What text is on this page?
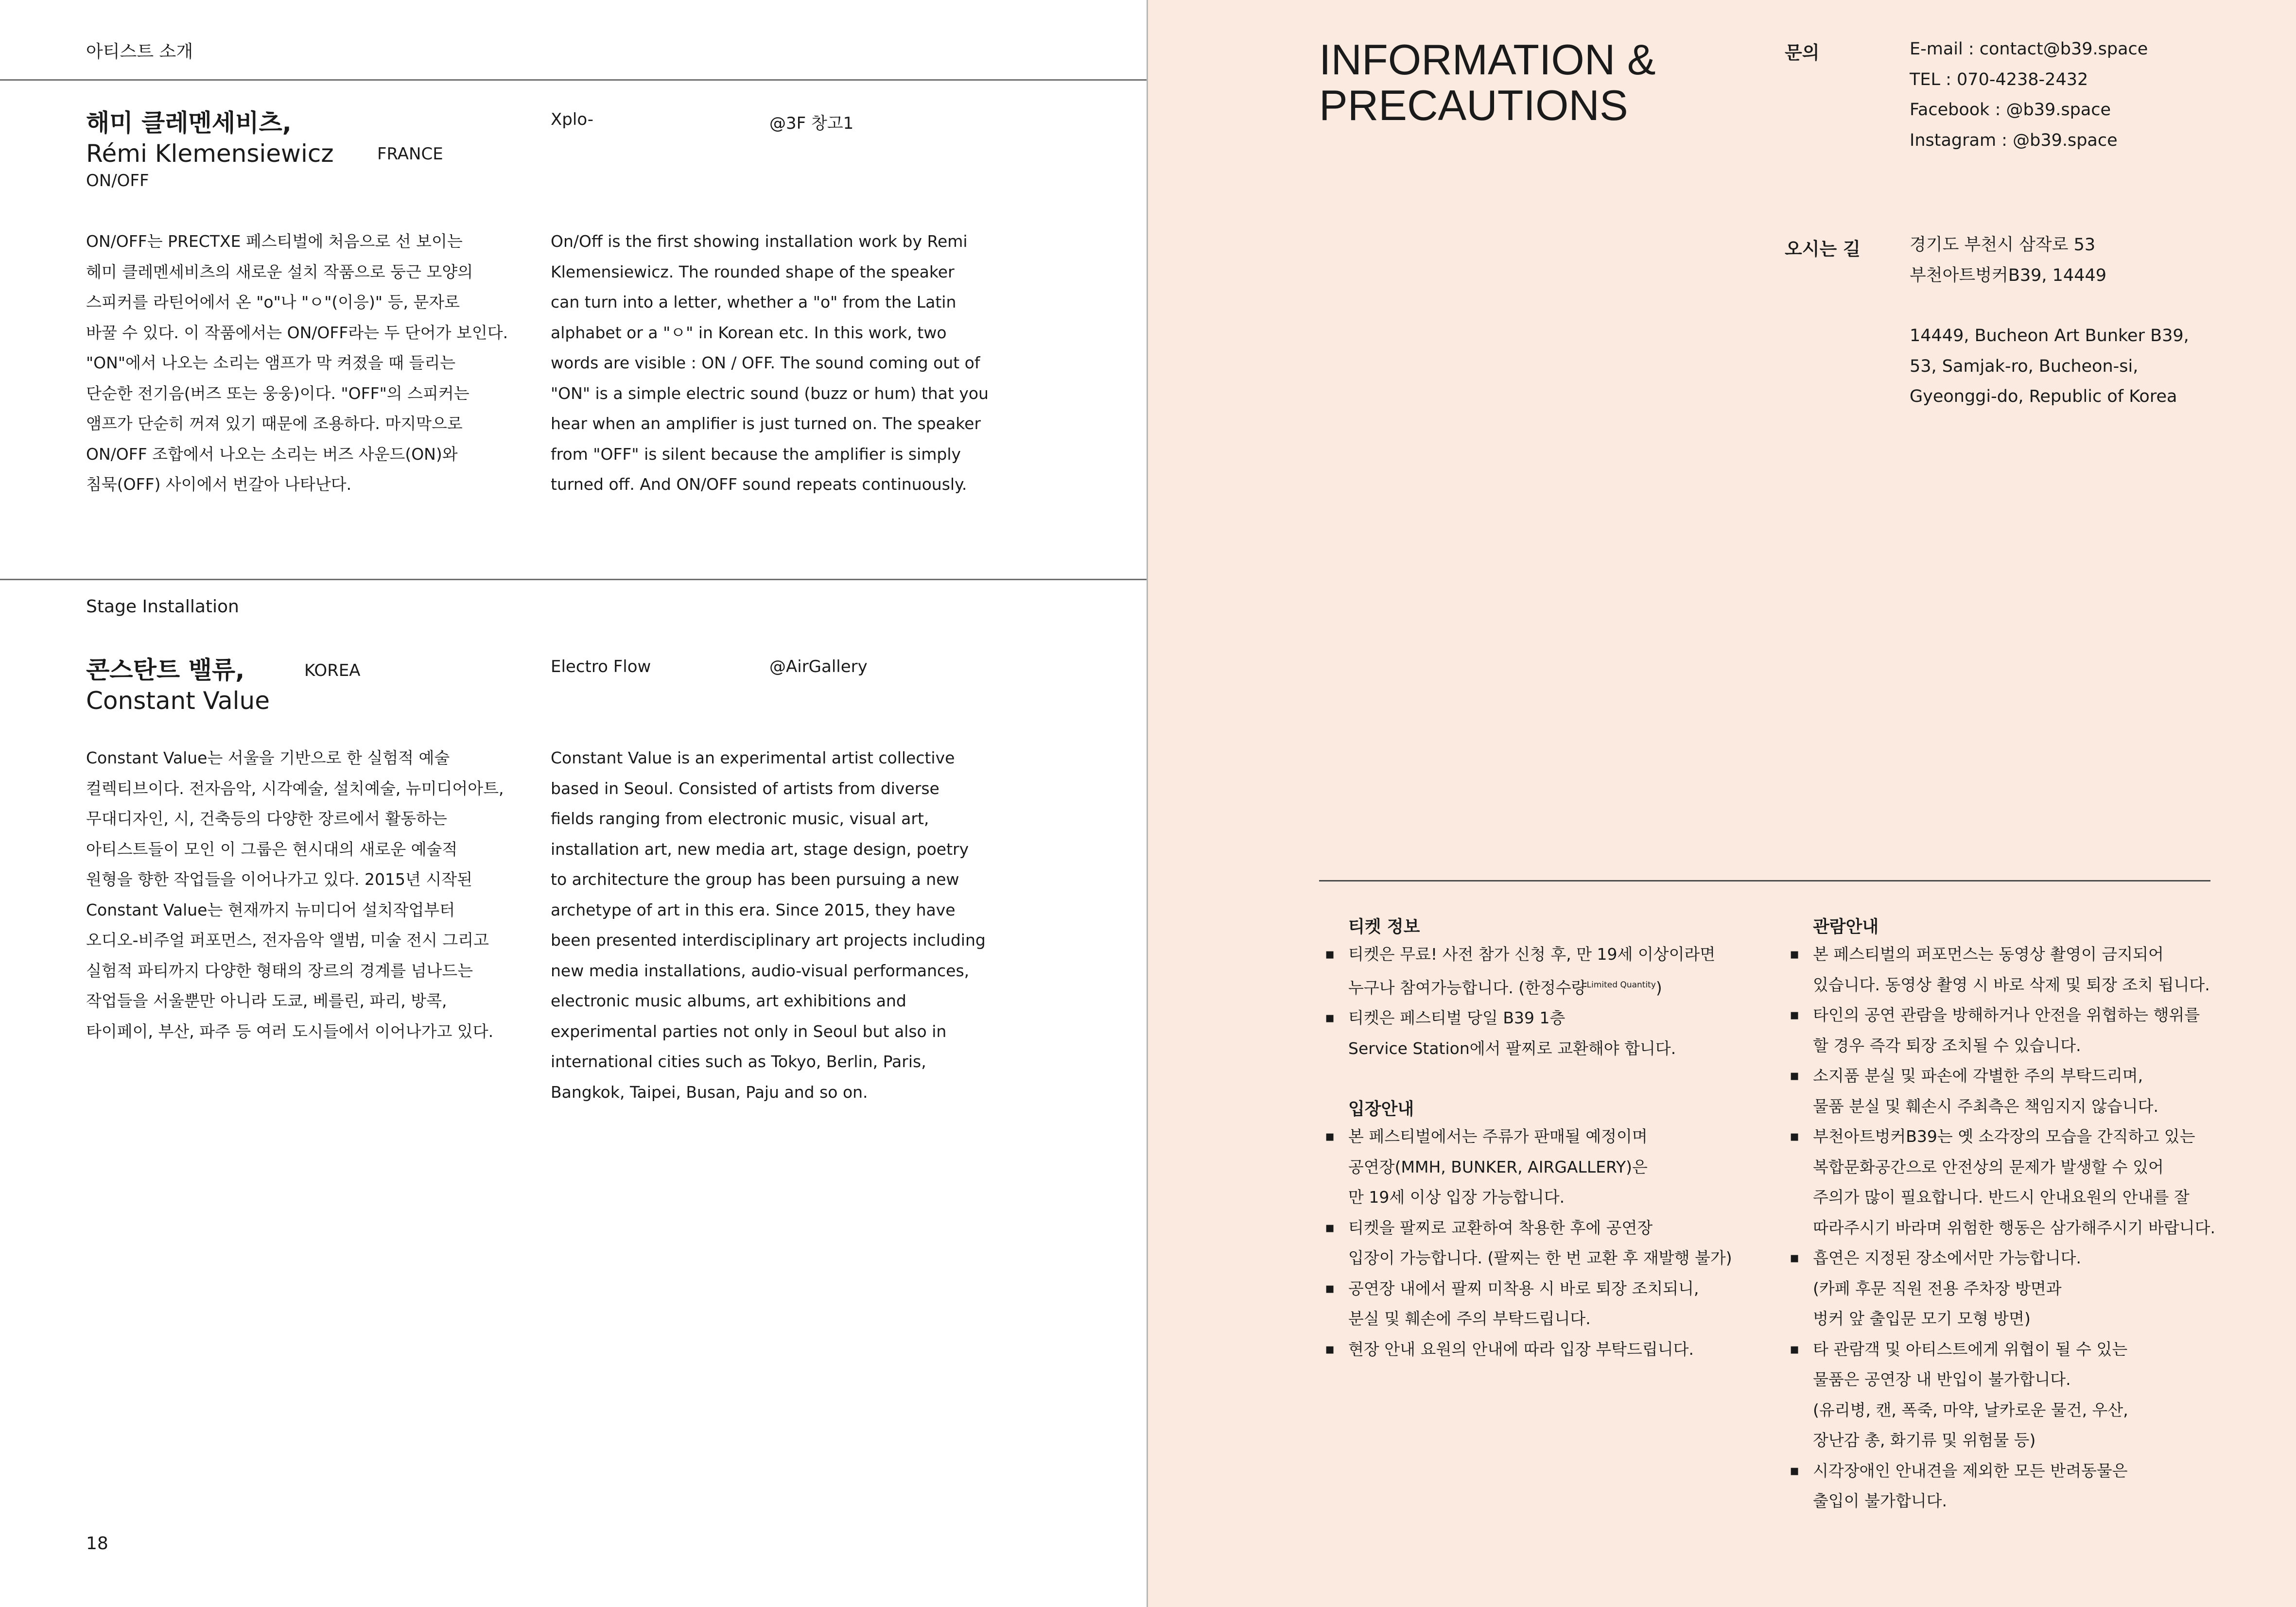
아티스트 소개
해미 클레멘세비츠,
Rémi Klemensiewicz	FRANCE
ON/OFF
Xplo-	@3F 창고1
ON/OFF는 PRECTXE 페스티벌에 처음으로 선 보이는
헤미 클레멘세비츠의 새로운 설치 작품으로 둥근 모양의
스피커를 라틴어에서 온 "o"나 "ㅇ"(이응)" 등, 문자로
바꿀 수 있다. 이 작품에서는 ON/OFF라는 두 단어가 보인다.
"ON"에서 나오는 소리는 앰프가 막 켜졌을 때 들리는
단순한 전기음(버즈 또는 웅웅)이다. "OFF"의 스피커는
앰프가 단순히 꺼져 있기 때문에 조용하다. 마지막으로
ON/OFF 조합에서 나오는 소리는 버즈 사운드(ON)와
침묵(OFF) 사이에서 번갈아 나타난다.
On/Off is the first showing installation work by Remi
Klemensiewicz. The rounded shape of the speaker
can turn into a letter, whether a "o" from the Latin
alphabet or a "ㅇ" in Korean etc. In this work, two
words are visible : ON / OFF. The sound coming out of
"ON" is a simple electric sound (buzz or hum) that you
hear when an amplifier is just turned on. The speaker
from "OFF" is silent because the amplifier is simply
turned off. And ON/OFF sound repeats continuously.
Stage Installation
콘스탄트 밸류,
Constant Value
KOREA	Electro Flow	@AirGallery
Constant Value는 서울을 기반으로 한 실험적 예술
컬렉티브이다. 전자음악, 시각예술, 설치예술, 뉴미디어아트,
무대디자인, 시, 건축등의 다양한 장르에서 활동하는
아티스트들이 모인 이 그룹은 현시대의 새로운 예술적
원형을 향한 작업들을 이어나가고 있다. 2015년 시작된
Constant Value는 현재까지 뉴미디어 설치작업부터
오디오-비주얼 퍼포먼스, 전자음악 앨범, 미술 전시 그리고
실험적 파티까지 다양한 형태의 장르의 경계를 넘나드는
작업들을 서울뿐만 아니라 도쿄, 베를린, 파리, 방콕,
타이페이, 부산, 파주 등 여러 도시들에서 이어나가고 있다.
Constant Value is an experimental artist collective
based in Seoul. Consisted of artists from diverse
fields ranging from electronic music, visual art,
installation art, new media art, stage design, poetry
to architecture the group has been pursuing a new
archetype of art in this era. Since 2015, they have
been presented interdisciplinary art projects including
new media installations, audio-visual performances,
electronic music albums, art exhibitions and
experimental parties not only in Seoul but also in
international cities such as Tokyo, Berlin, Paris,
Bangkok, Taipei, Busan, Paju and so on.
18
INFORMATION &
PRECAUTIONS
문의	E-mail : contact@b39.space
TEL : 070-4238-2432
Facebook : @b39.space
Instagram : @b39.space
오시는 길	경기도 부천시 삼작로 53
부천아트벙커B39, 14449
14449, Bucheon Art Bunker B39,
53, Samjak-ro, Bucheon-si,
Gyeonggi-do, Republic of Korea
티켓 정보
▪ 티켓은 무료! 사전 참가 신청 후, 만 19세 이상이라면
누구나 참여가능합니다. (한정수량$^{Limited Quantity}$)
▪ 티켓은 페스티벌 당일 B39 1층
Service Station에서 팔찌로 교환해야 합니다.
입장안내
▪ 본 페스티벌에서는 주류가 판매될 예정이며
공연장(MMH, BUNKER, AIRGALLERY)은
만 19세 이상 입장 가능합니다.
▪ 티켓을 팔찌로 교환하여 착용한 후에 공연장
입장이 가능합니다. (팔찌는 한 번 교환 후 재발행 불가)
▪ 공연장 내에서 팔찌 미착용 시 바로 퇴장 조치되니,
분실 및 훼손에 주의 부탁드립니다.
▪ 현장 안내 요원의 안내에 따라 입장 부탁드립니다.
관람안내
▪ 본 페스티벌의 퍼포먼스는 동영상 촬영이 금지되어
있습니다. 동영상 촬영 시 바로 삭제 및 퇴장 조치 됩니다.
▪ 타인의 공연 관람을 방해하거나 안전을 위협하는 행위를
할 경우 즉각 퇴장 조치될 수 있습니다.
▪ 소지품 분실 및 파손에 각별한 주의 부탁드리며,
물품 분실 및 훼손시 주최측은 책임지지 않습니다.
▪ 부천아트벙커B39는 옛 소각장의 모습을 간직하고 있는
복합문화공간으로 안전상의 문제가 발생할 수 있어
주의가 많이 필요합니다. 반드시 안내요원의 안내를 잘
따라주시기 바라며 위험한 행동은 삼가해주시기 바랍니다.
▪ 흡연은 지정된 장소에서만 가능합니다.
(카페 후문 직원 전용 주차장 방면과
벙커 앞 출입문 모기 모형 방면)
▪ 타 관람객 및 아티스트에게 위협이 될 수 있는
물품은 공연장 내 반입이 불가합니다.
(유리병, 캔, 폭죽, 마약, 날카로운 물건, 우산,
장난감 총, 화기류 및 위험물 등)
▪ 시각장애인 안내견을 제외한 모든 반려동물은
출입이 불가합니다.
